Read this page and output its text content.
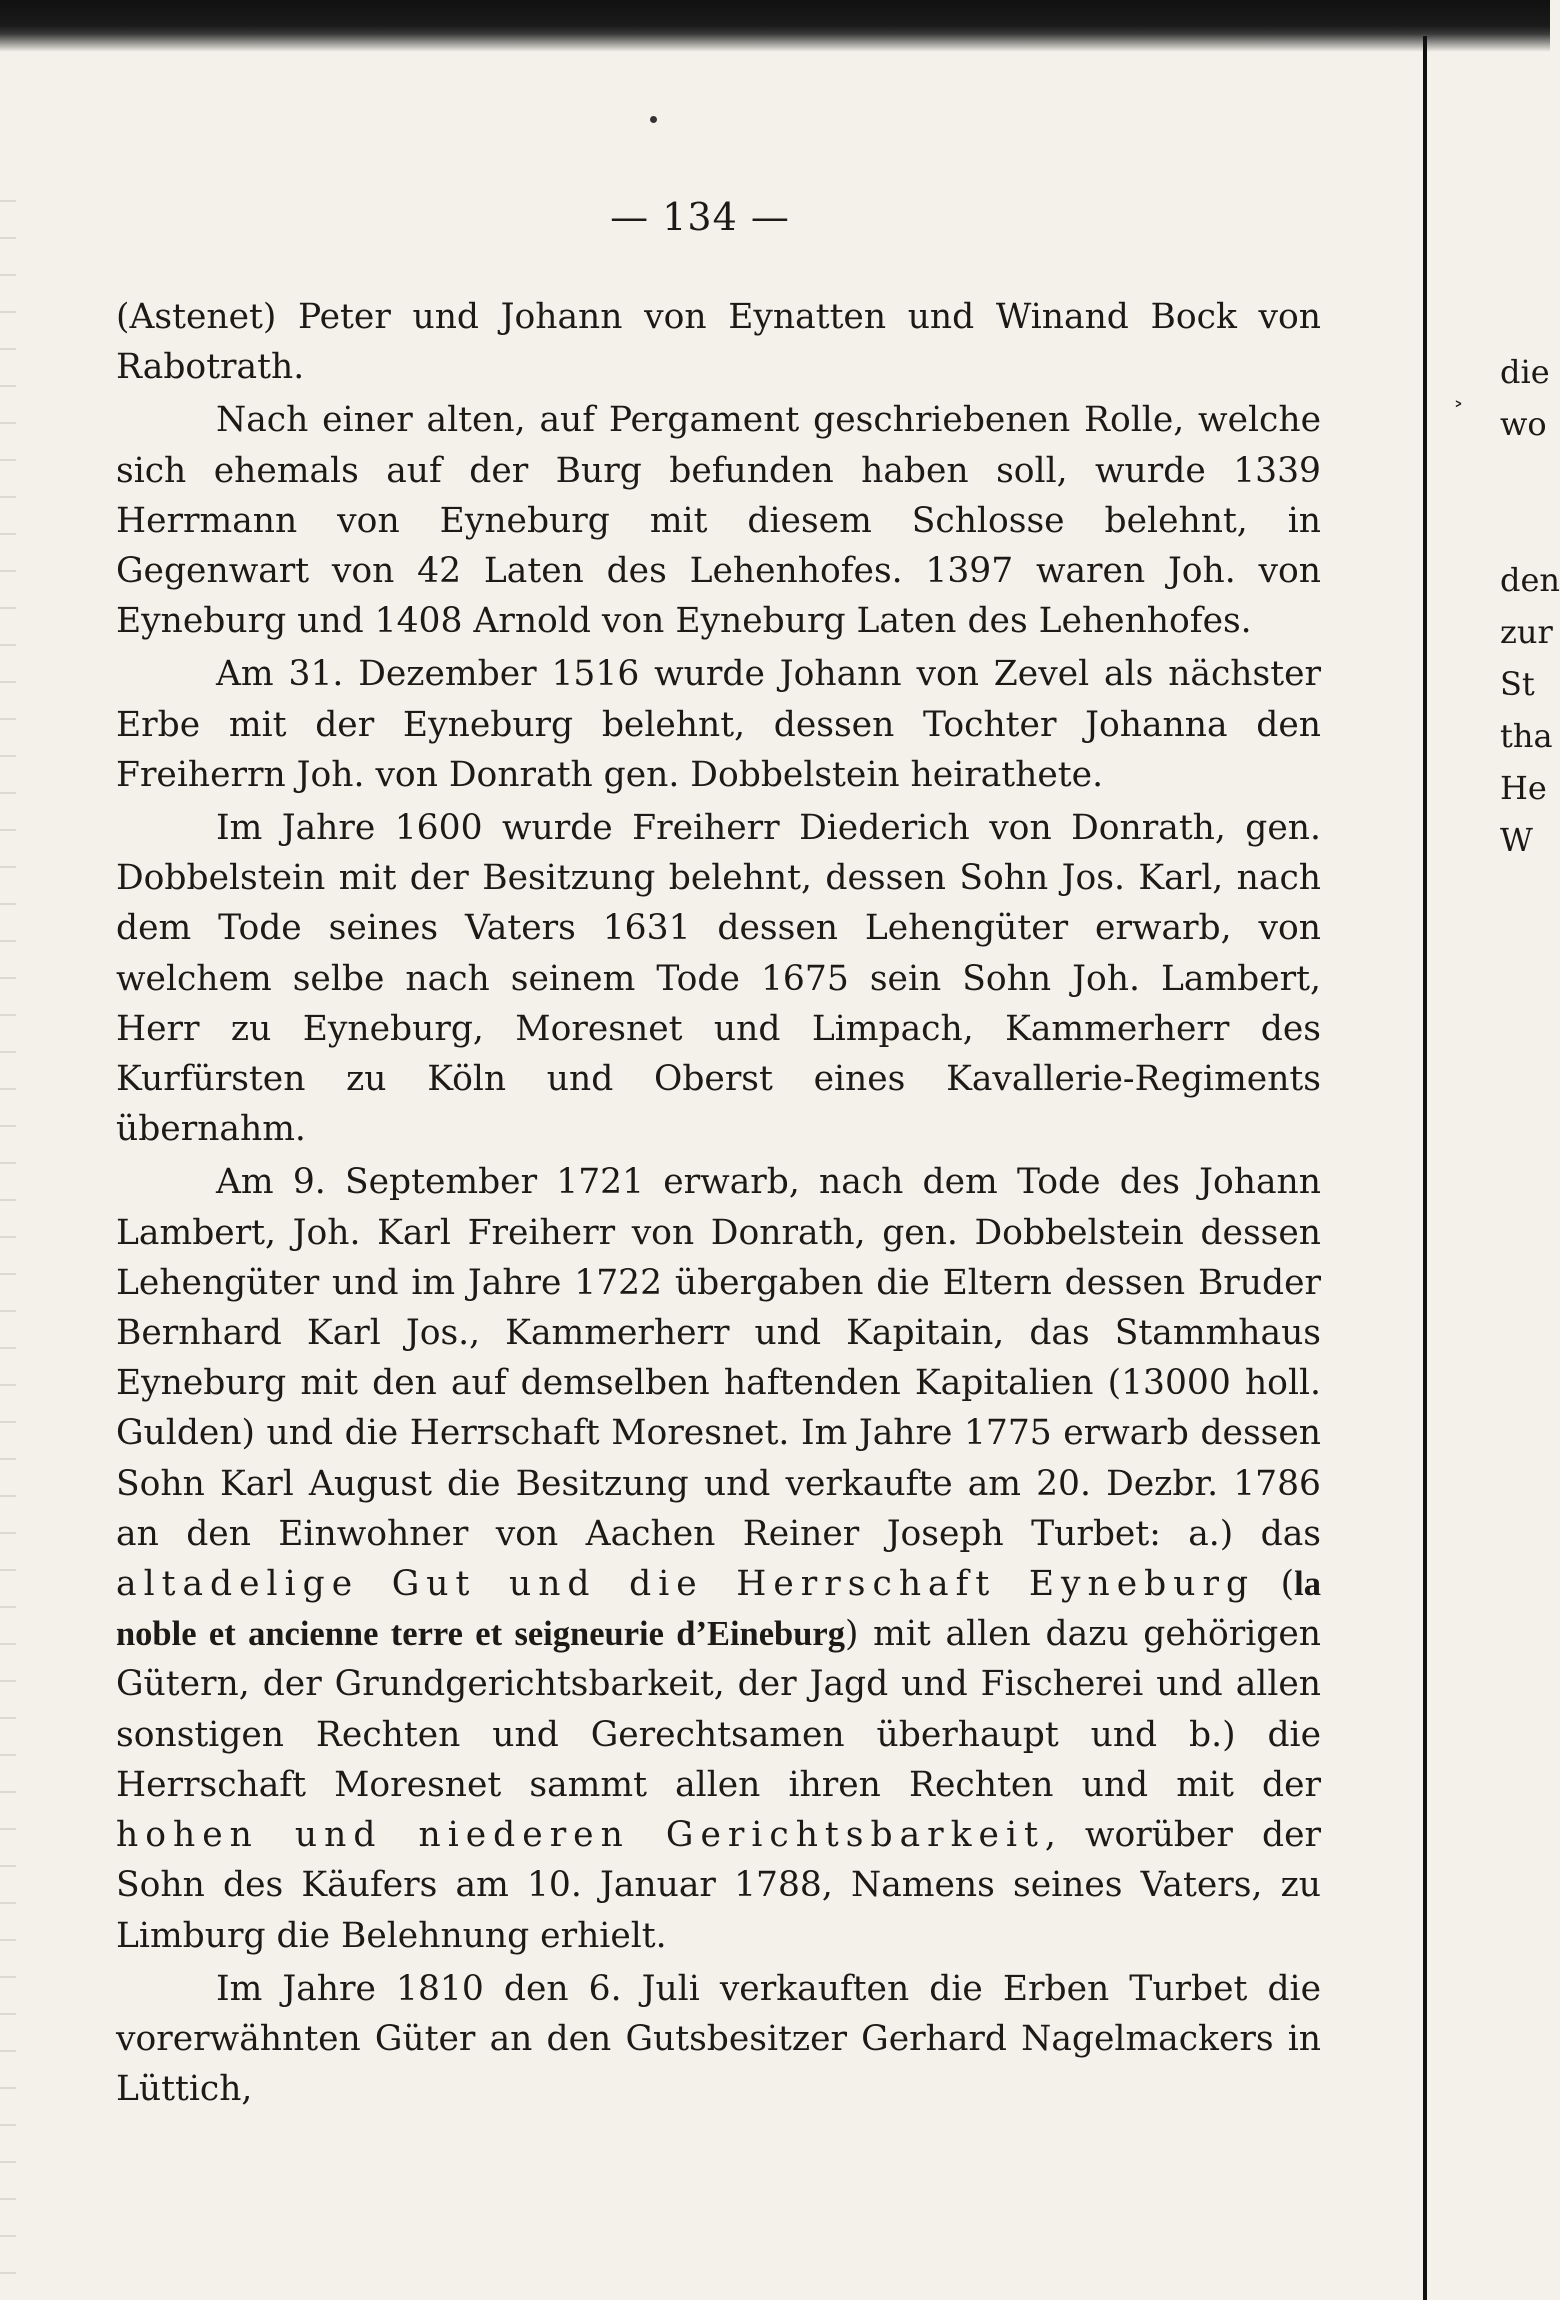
— 134 —

(Astenet) Peter und Johann von Eynatten und Winand Bock von Rabotrath.

Nach einer alten, auf Pergament geschriebenen Rolle, welche sich ehemals auf der Burg befunden haben soll, wurde 1339 Herrmann von Eyneburg mit diesem Schlosse belehnt, in Gegenwart von 42 Laten des Lehenhofes. 1397 waren Joh. von Eyneburg und 1408 Arnold von Eyneburg Laten des Lehenhofes.

Am 31. Dezember 1516 wurde Johann von Zevel als nächster Erbe mit der Eyneburg belehnt, dessen Tochter Johanna den Freiherrn Joh. von Donrath gen. Dobbelstein heirathete.

Im Jahre 1600 wurde Freiherr Diederich von Donrath, gen. Dobbelstein mit der Besitzung belehnt, dessen Sohn Jos. Karl, nach dem Tode seines Vaters 1631 dessen Lehengüter erwarb, von welchem selbe nach seinem Tode 1675 sein Sohn Joh. Lambert, Herr zu Eyneburg, Moresnet und Limpach, Kammerherr des Kurfürsten zu Köln und Oberst eines Kavallerie-Regiments übernahm.

Am 9. September 1721 erwarb, nach dem Tode des Johann Lambert, Joh. Karl Freiherr von Donrath, gen. Dobbelstein dessen Lehengüter und im Jahre 1722 übergaben die Eltern dessen Bruder Bernhard Karl Jos., Kammerherr und Kapitain, das Stammhaus Eyneburg mit den auf demselben haftenden Kapitalien (13000 holl. Gulden) und die Herrschaft Moresnet. Im Jahre 1775 erwarb dessen Sohn Karl August die Besitzung und verkaufte am 20. Dezbr. 1786 an den Einwohner von Aachen Reiner Joseph Turbet: a.) das altadelige Gut und die Herrschaft Eyneburg (la noble et ancienne terre et seigneurie d’Eineburg) mit allen dazu gehörigen Gütern, der Grundgerichtsbarkeit, der Jagd und Fischerei und allen sonstigen Rechten und Gerechtsamen überhaupt und b.) die Herrschaft Moresnet sammt allen ihren Rechten und mit der hohen und niederen Gerichtsbarkeit, worüber der Sohn des Käufers am 10. Januar 1788, Namens seines Vaters, zu Limburg die Belehnung erhielt.

Im Jahre 1810 den 6. Juli verkauften die Erben Turbet die vorerwähnten Güter an den Gutsbesitzer Gerhard Nagelmackers in Lüttich,

˃
die
wo
den
zur
St
tha
He
W
